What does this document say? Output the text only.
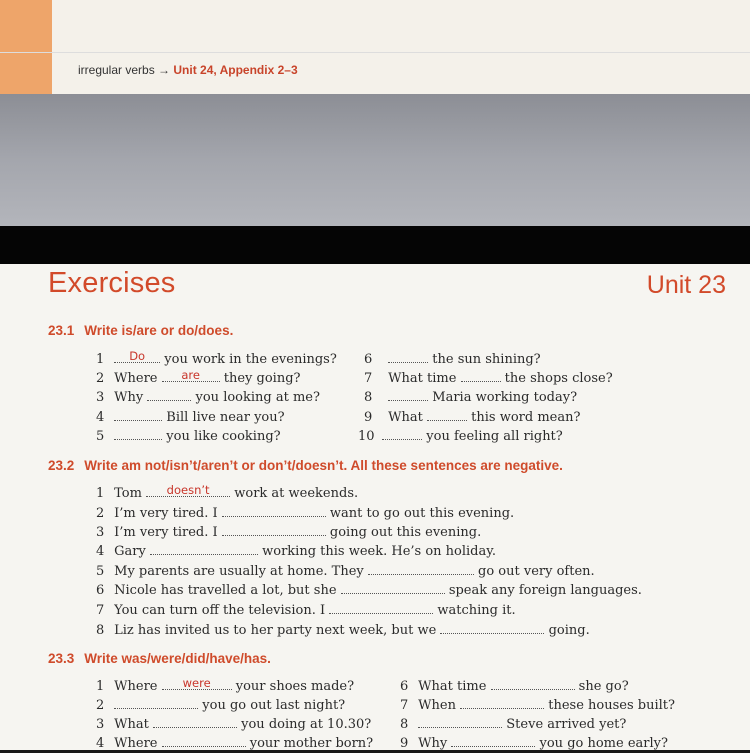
irregular verbs → Unit 24, Appendix 2–3
Exercises	Unit 23
23.1 Write is/are or do/does.
1 Do you work in the evenings?
2 Where are they going?
3 Why	you looking at me?
4	Bill live near you?
5	you like cooking?
6	the sun shining?
7 What time	the shops close?
8	Maria working today?
9 What	this word mean?
10	you feeling all right?
23.2 Write am not/isn’t/aren’t or don’t/doesn’t. All these sentences are negative.
1 Tom doesn’t work at weekends.
2 I’m very tired. I	want to go out this evening.
3 I’m very tired. I	going out this evening.
4 Gary	working this week. He’s on holiday.
5 My parents are usually at home. They	go out very often.
6 Nicole has travelled a lot, but she	speak any foreign languages.
7 You can turn off the television. I	watching it.
8 Liz has invited us to her party next week, but we	going.
23.3 Write was/were/did/have/has.
1 Where were your shoes made?
2	you go out last night?
3 What	you doing at 10.30?
4 Where	your mother born?
6 What time	she go?
7 When	these houses built?
8	Steve arrived yet?
9 Why	you go home early?
